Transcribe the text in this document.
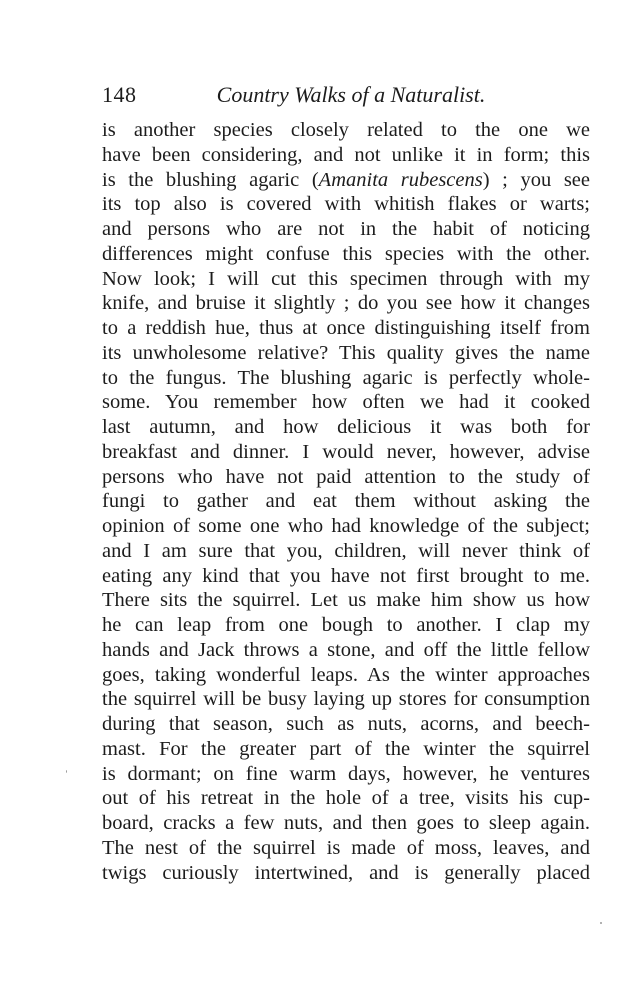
148	Country Walks of a Naturalist.
is another species closely related to the one we
have been considering, and not unlike it in form; this
is the blushing agaric (Amanita rubescens) ; you see
its top also is covered with whitish flakes or warts;
and persons who are not in the habit of noticing
differences might confuse this species with the other.
Now look; I will cut this specimen through with my
knife, and bruise it slightly ; do you see how it changes
to a reddish hue, thus at once distinguishing itself from
its unwholesome relative? This quality gives the name
to the fungus. The blushing agaric is perfectly whole-
some. You remember how often we had it cooked
last autumn, and how delicious it was both for
breakfast and dinner. I would never, however, advise
persons who have not paid attention to the study of
fungi to gather and eat them without asking the
opinion of some one who had knowledge of the subject;
and I am sure that you, children, will never think of
eating any kind that you have not first brought to me.
There sits the squirrel. Let us make him show us how
he can leap from one bough to another. I clap my
hands and Jack throws a stone, and off the little fellow
goes, taking wonderful leaps. As the winter approaches
the squirrel will be busy laying up stores for consumption
during that season, such as nuts, acorns, and beech-
mast. For the greater part of the winter the squirrel
is dormant; on fine warm days, however, he ventures
out of his retreat in the hole of a tree, visits his cup-
board, cracks a few nuts, and then goes to sleep again.
The nest of the squirrel is made of moss, leaves, and
twigs curiously intertwined, and is generally placed
